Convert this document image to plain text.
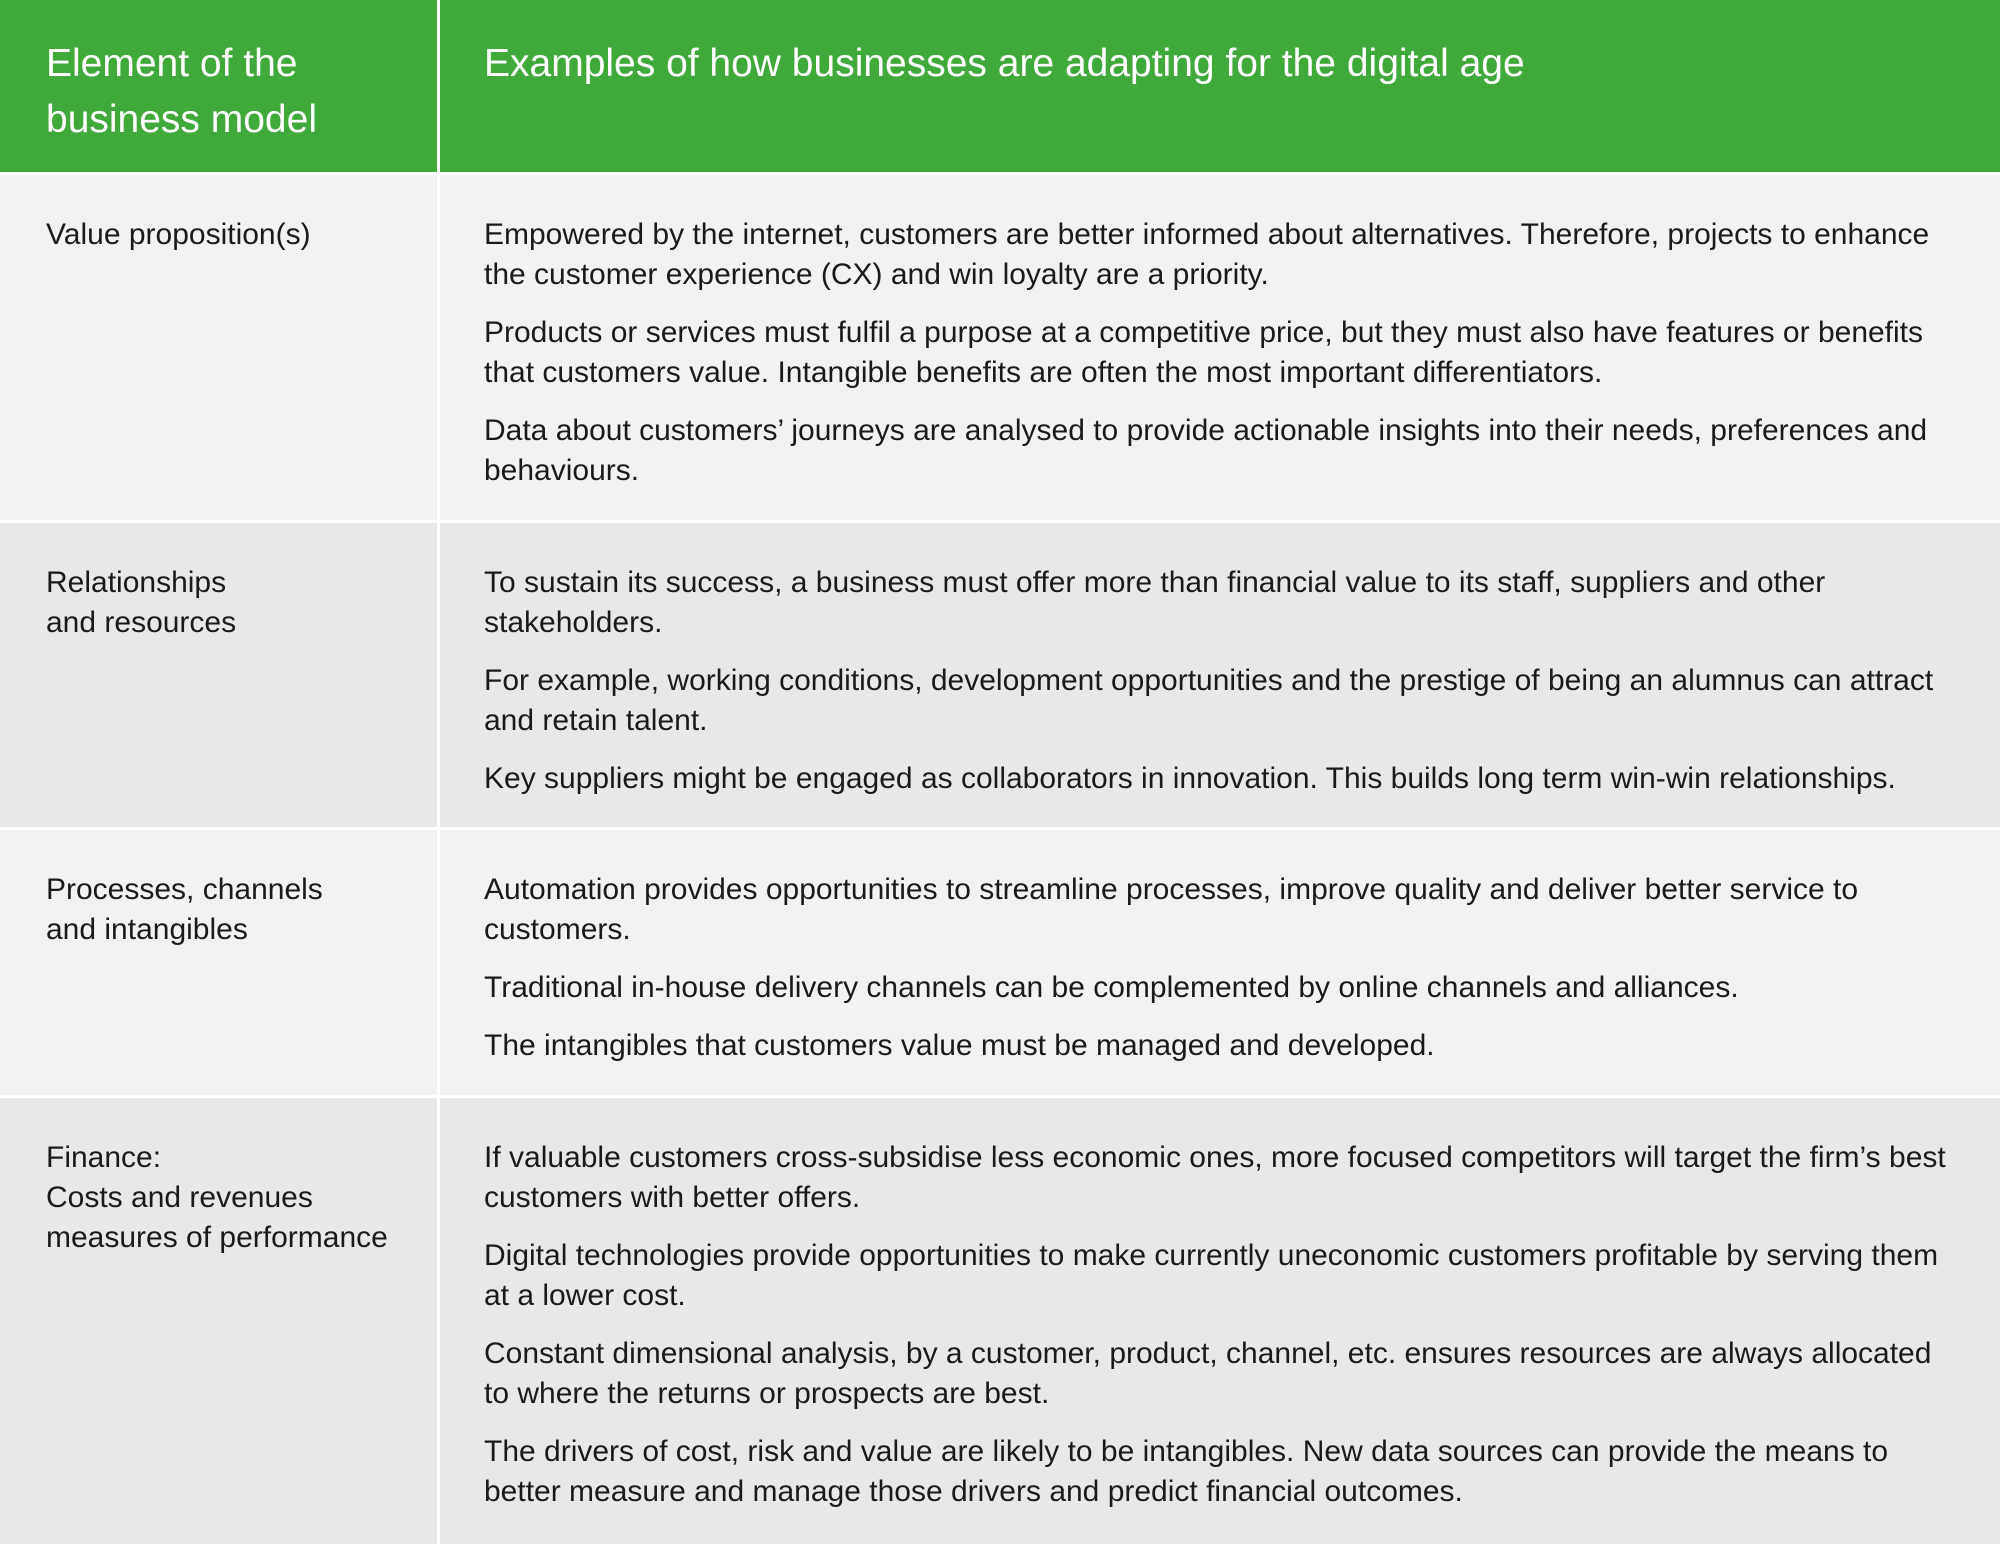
Element of the
business model
Examples of how businesses are adapting for the digital age
Value proposition(s)	Empowered by the internet, customers are better informed about alternatives. Therefore, projects to enhance the customer experience (CX) and win loyalty are a priority.

Products or services must fulfil a purpose at a competitive price, but they must also have features or benefits that customers value. Intangible benefits are often the most important differentiators.

Data about customers’ journeys are analysed to provide actionable insights into their needs, preferences and behaviours.

Relationships
and resources

To sustain its success, a business must offer more than financial value to its staff, suppliers and other stakeholders.

For example, working conditions, development opportunities and the prestige of being an alumnus can attract and retain talent.

Key suppliers might be engaged as collaborators in innovation. This builds long term win-win relationships.

Processes, channels
and intangibles

Automation provides opportunities to streamline processes, improve quality and deliver better service to customers.

Traditional in-house delivery channels can be complemented by online channels and alliances.

The intangibles that customers value must be managed and developed.

Finance:
Costs and revenues
measures of performance

If valuable customers cross-subsidise less economic ones, more focused competitors will target the firm’s best customers with better offers.

Digital technologies provide opportunities to make currently uneconomic customers profitable by serving them at a lower cost.

Constant dimensional analysis, by a customer, product, channel, etc. ensures resources are always allocated to where the returns or prospects are best.

The drivers of cost, risk and value are likely to be intangibles. New data sources can provide the means to better measure and manage those drivers and predict financial outcomes.
